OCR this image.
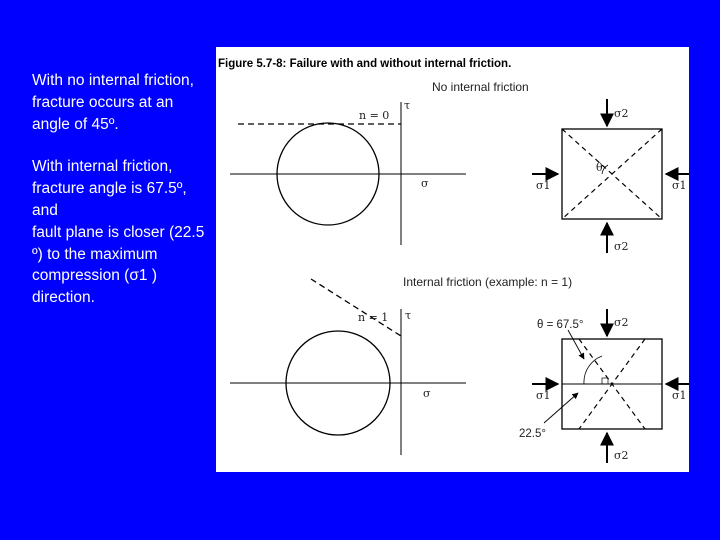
With no internal friction, fracture occurs at an angle of 45º.

With internal friction, fracture angle is 67.5º, and
fault plane is closer (22.5 º) to the maximum compression (σ1 ) direction.

Figure 5.7-8: Failure with and without internal friction.
No internal friction
n = 0
τ
σ
θ
σ2
σ2
σ1	σ1
Internal friction (example: n = 1)
n = 1 τ
σ
θ = 67.5°
22.5°
σ2
σ2
σ1	σ1
